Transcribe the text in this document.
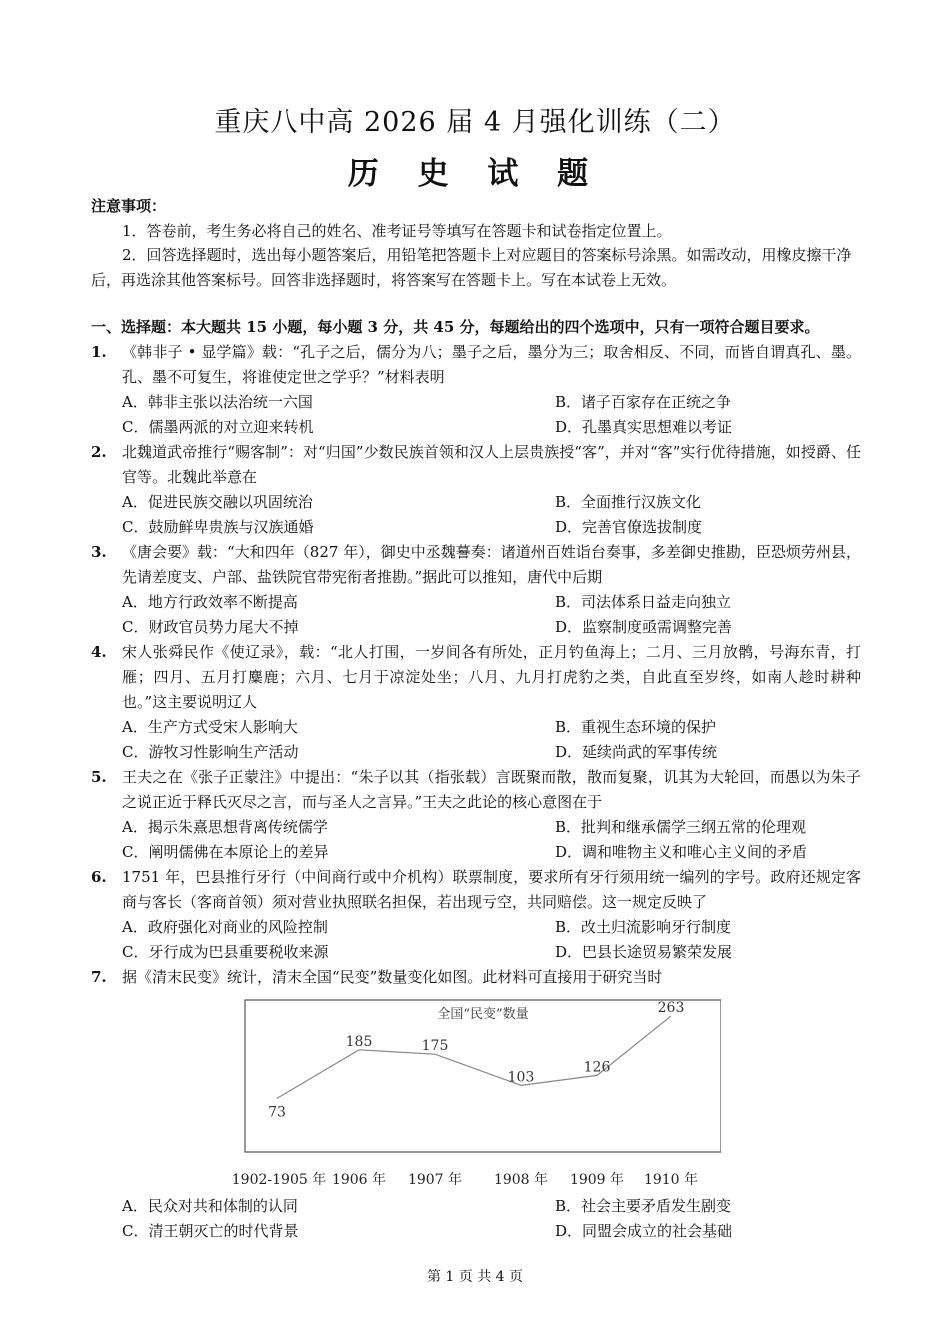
重庆八中高 2026 届 4 月强化训练（二）
历 史 试 题
注意事项：

1．答卷前，考生务必将自己的姓名、准考证号等填写在答题卡和试卷指定位置上。

2．回答选择题时，选出每小题答案后，用铅笔把答题卡上对应题目的答案标号涂黑。如需改动，用橡皮擦干净后，再选涂其他答案标号。回答非选择题时，将答案写在答题卡上。写在本试卷上无效。

一、选择题：本大题共 15 小题，每小题 3 分，共 45 分，每题给出的四个选项中，只有一项符合题目要求。
1. 《韩非子 • 显学篇》载：“孔子之后，儒分为八；墨子之后，墨分为三；取舍相反、不同，而皆自谓真孔、墨。孔、墨不可复生，将谁使定世之学乎？”材料表明
A．韩非主张以法治统一六国	B．诸子百家存在正统之争
C．儒墨两派的对立迎来转机	D．孔墨真实思想难以考证
2. 北魏道武帝推行“赐客制”：对“归国”少数民族首领和汉人上层贵族授“客”，并对“客”实行优待措施，如授爵、任官等。北魏此举意在
A．促进民族交融以巩固统治	B．全面推行汉族文化
C．鼓励鲜卑贵族与汉族通婚	D．完善官僚选拔制度
3. 《唐会要》载：“大和四年（827 年），御史中丞魏謩奏：诸道州百姓诣台奏事，多差御史推勘，臣恐烦劳州县，先请差度支、户部、盐铁院官带宪衔者推勘。”据此可以推知，唐代中后期
A．地方行政效率不断提高	B．司法体系日益走向独立
C．财政官员势力尾大不掉	D．监察制度亟需调整完善
4. 宋人张舜民作《使辽录》，载：“北人打围，一岁间各有所处，正月钓鱼海上；二月、三月放鹘，号海东青，打雁；四月、五月打麋鹿；六月、七月于凉淀处坐；八月、九月打虎豹之类，自此直至岁终，如南人趁时耕种也。”这主要说明辽人
A．生产方式受宋人影响大	B．重视生态环境的保护
C．游牧习性影响生产活动	D．延续尚武的军事传统
5. 王夫之在《张子正蒙注》中提出：“朱子以其（指张载）言既聚而散，散而复聚，讥其为大轮回，而愚以为朱子之说正近于释氏灭尽之言，而与圣人之言异。”王夫之此论的核心意图在于
A．揭示朱熹思想背离传统儒学	B．批判和继承儒学三纲五常的伦理观
C．阐明儒佛在本原论上的差异	D．调和唯物主义和唯心主义间的矛盾
6. 1751 年，巴县推行牙行（中间商行或中介机构）联票制度，要求所有牙行须用统一编列的字号。政府还规定客商与客长（客商首领）须对营业执照联名担保，若出现亏空，共同赔偿。这一规定反映了
A．政府强化对商业的风险控制	B．改土归流影响牙行制度
C．牙行成为巴县重要税收来源	D．巴县长途贸易繁荣发展
7. 据《清末民变》统计，清末全国“民变”数量变化如图。此材料可直接用于研究当时
全国“民变”数量
73
185	175
103
126
263
1902-1905 年 1906 年 1907 年 1908 年 1909 年 1910 年
A．民众对共和体制的认同	B．社会主要矛盾发生剧变
C．清王朝灭亡的时代背景	D．同盟会成立的社会基础
第 1 页 共 4 页
